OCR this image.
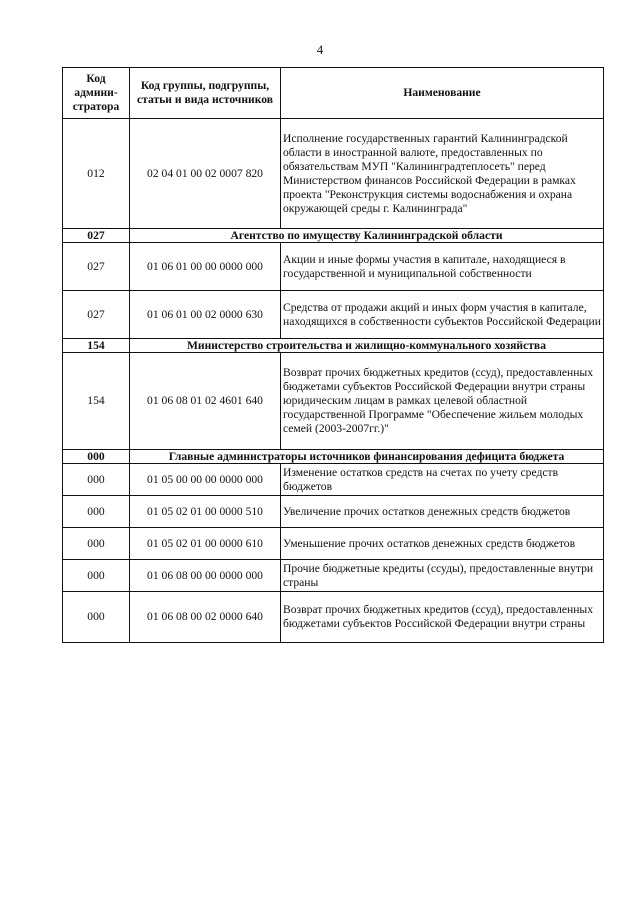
4
Код админи-стратора	Код группы, подгруппы, статьи и вида источников	Наименование
012	02 04 01 00 02 0007 820	Исполнение государственных гарантий Калининградской области в иностранной валюте, предоставленных по обязательствам МУП "Калининградтеплосеть" перед Министерством финансов Российской Федерации в рамках проекта "Реконструкция системы водоснабжения и охрана окружающей среды г. Калининграда"
027	Агентство по имуществу Калининградской области	
027	01 06 01 00 00 0000 000	Акции и иные формы участия в капитале, находящиеся в государственной и муниципальной собственности
027	01 06 01 00 02 0000 630	Средства от продажи акций и иных форм участия в капитале, находящихся в собственности субъектов Российской Федерации
154	Министерство строительства и жилищно-коммунального хозяйства	
154	01 06 08 01 02 4601 640	Возврат прочих бюджетных кредитов (ссуд), предоставленных бюджетами субъектов Российской Федерации внутри страны юридическим лицам в рамках целевой областной государственной Программе "Обеспечение жильем молодых семей (2003-2007гг.)"
000	Главные администраторы источников финансирования дефицита бюджета	
000	01 05 00 00 00 0000 000	Изменение остатков средств на счетах по учету средств бюджетов
000	01 05 02 01 00 0000 510	Увеличение прочих остатков денежных средств бюджетов
000	01 05 02 01 00 0000 610	Уменьшение прочих остатков денежных средств бюджетов
000	01 06 08 00 00 0000 000	Прочие бюджетные кредиты (ссуды), предоставленные внутри страны
000	01 06 08 00 02 0000 640	Возврат прочих бюджетных кредитов (ссуд), предоставленных бюджетами субъектов Российской Федерации внутри страны
